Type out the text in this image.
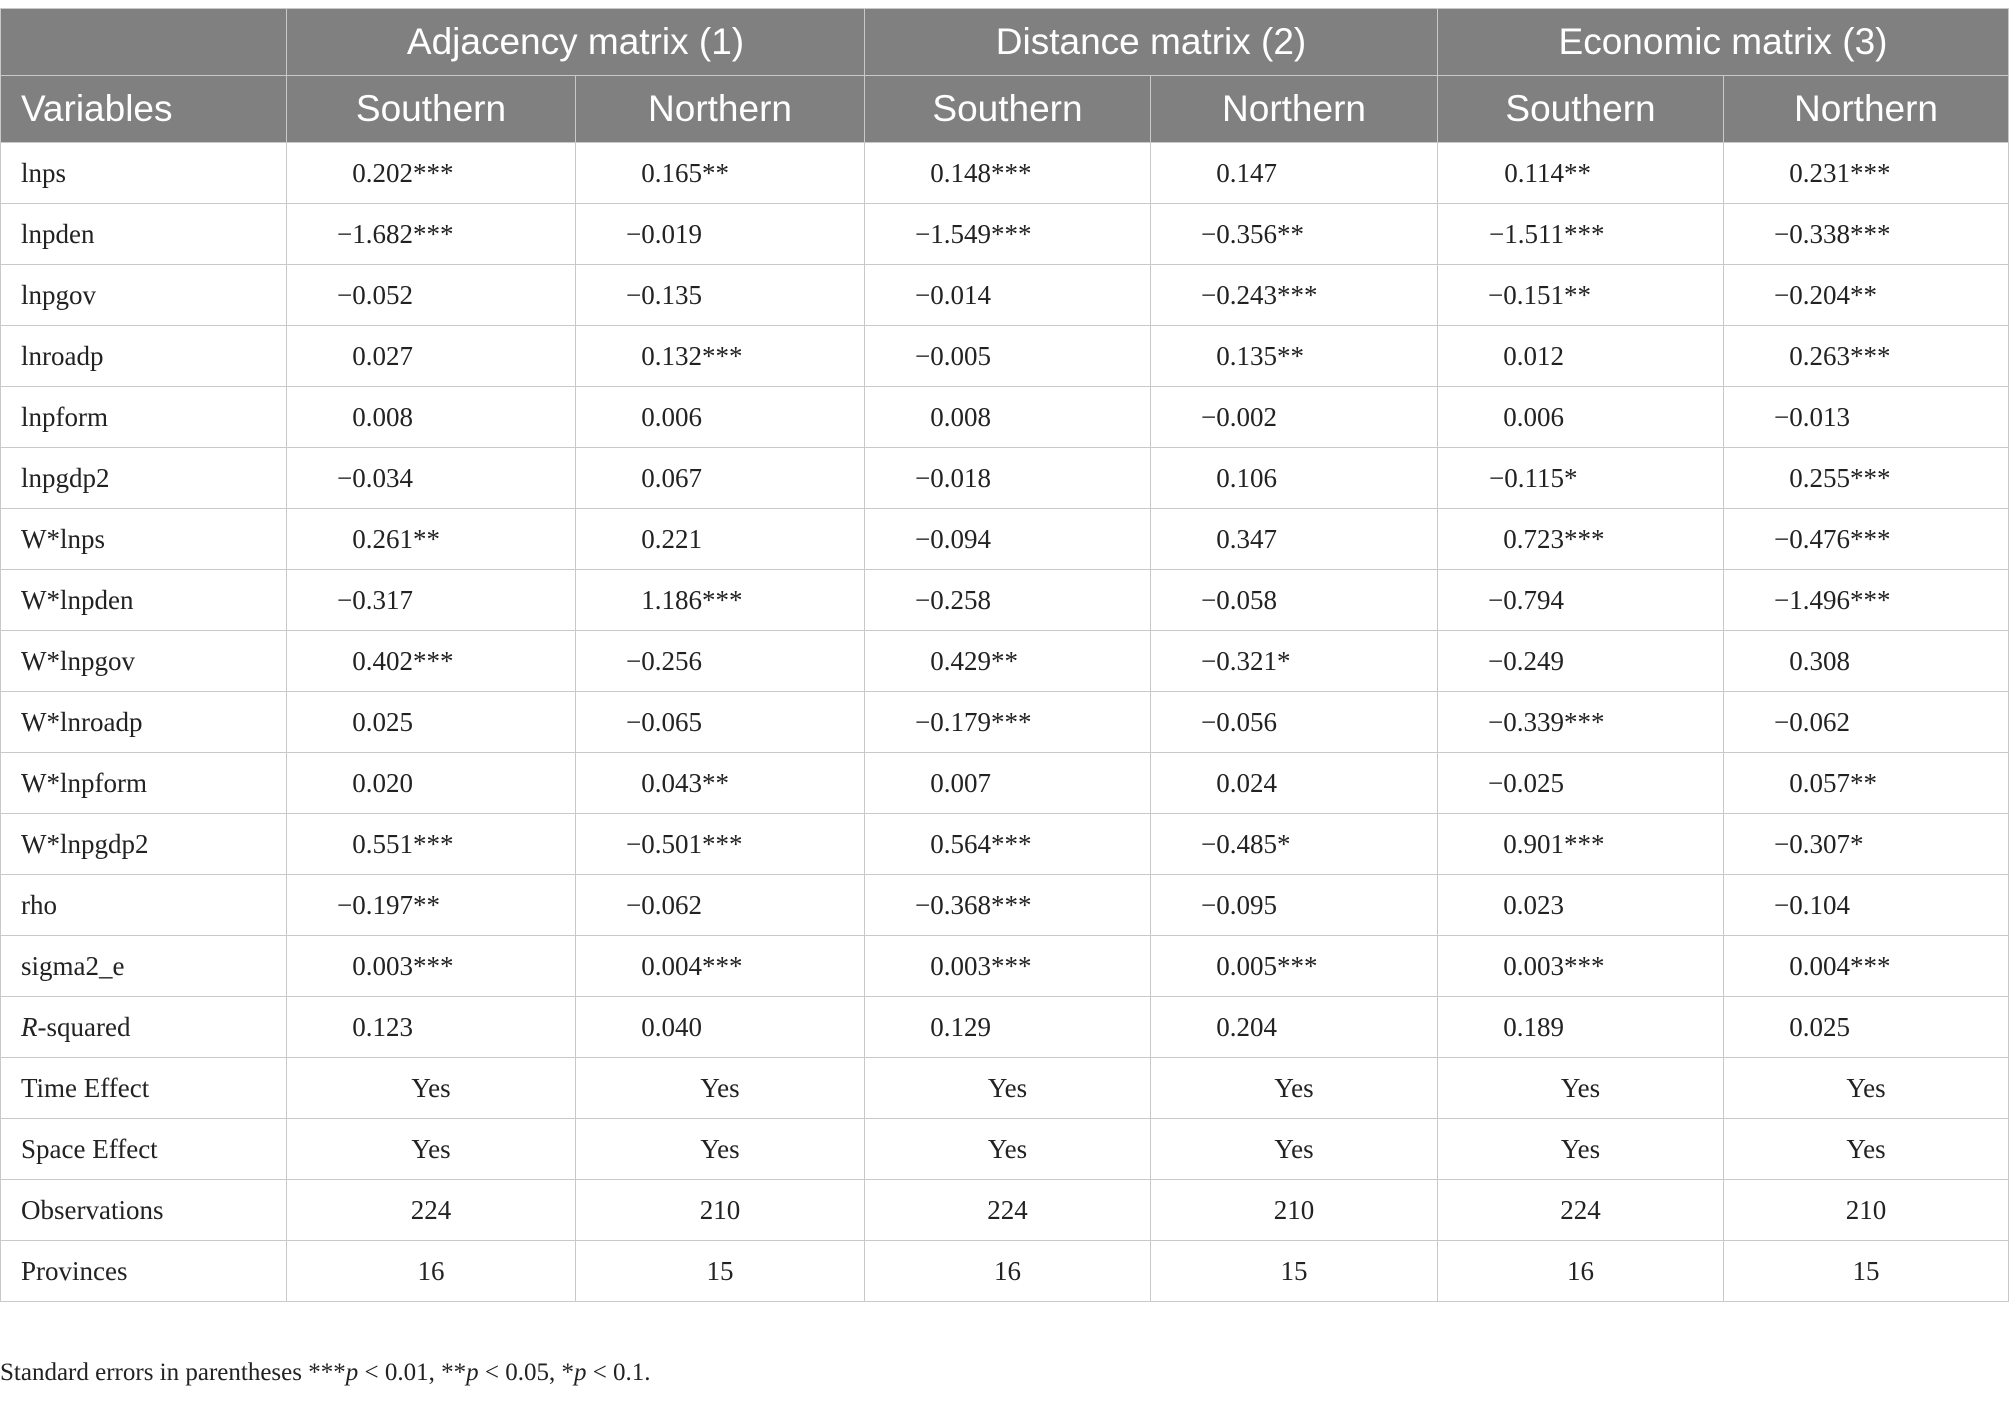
	Adjacency matrix (1)		Distance matrix (2)		Economic matrix (3)	
Variables	Southern	Northern	Southern	Northern	Southern	Northern
lnps	0.202***	0.165**	0.148***	0.147	0.114**	0.231***
lnpden	−1.682***	−0.019	−1.549***	−0.356**	−1.511***	−0.338***
lnpgov	−0.052	−0.135	−0.014	−0.243***	−0.151**	−0.204**
lnroadp	0.027	0.132***	−0.005	0.135**	0.012	0.263***
lnpform	0.008	0.006	0.008	−0.002	0.006	−0.013
lnpgdp2	−0.034	0.067	−0.018	0.106	−0.115*	0.255***
W*lnps	0.261**	0.221	−0.094	0.347	0.723***	−0.476***
W*lnpden	−0.317	1.186***	−0.258	−0.058	−0.794	−1.496***
W*lnpgov	0.402***	−0.256	0.429**	−0.321*	−0.249	0.308
W*lnroadp	0.025	−0.065	−0.179***	−0.056	−0.339***	−0.062
W*lnpform	0.020	0.043**	0.007	0.024	−0.025	0.057**
W*lnpgdp2	0.551***	−0.501***	0.564***	−0.485*	0.901***	−0.307*
rho	−0.197**	−0.062	−0.368***	−0.095	0.023	−0.104
sigma2_e	0.003***	0.004***	0.003***	0.005***	0.003***	0.004***
R-squared	0.123	0.040	0.129	0.204	0.189	0.025
Time Effect	Yes	Yes	Yes	Yes	Yes	Yes
Space Effect	Yes	Yes	Yes	Yes	Yes	Yes
Observations	224	210	224	210	224	210
Provinces	16	15	16	15	16	15
Standard errors in parentheses ***p < 0.01, **p < 0.05, *p < 0.1.
